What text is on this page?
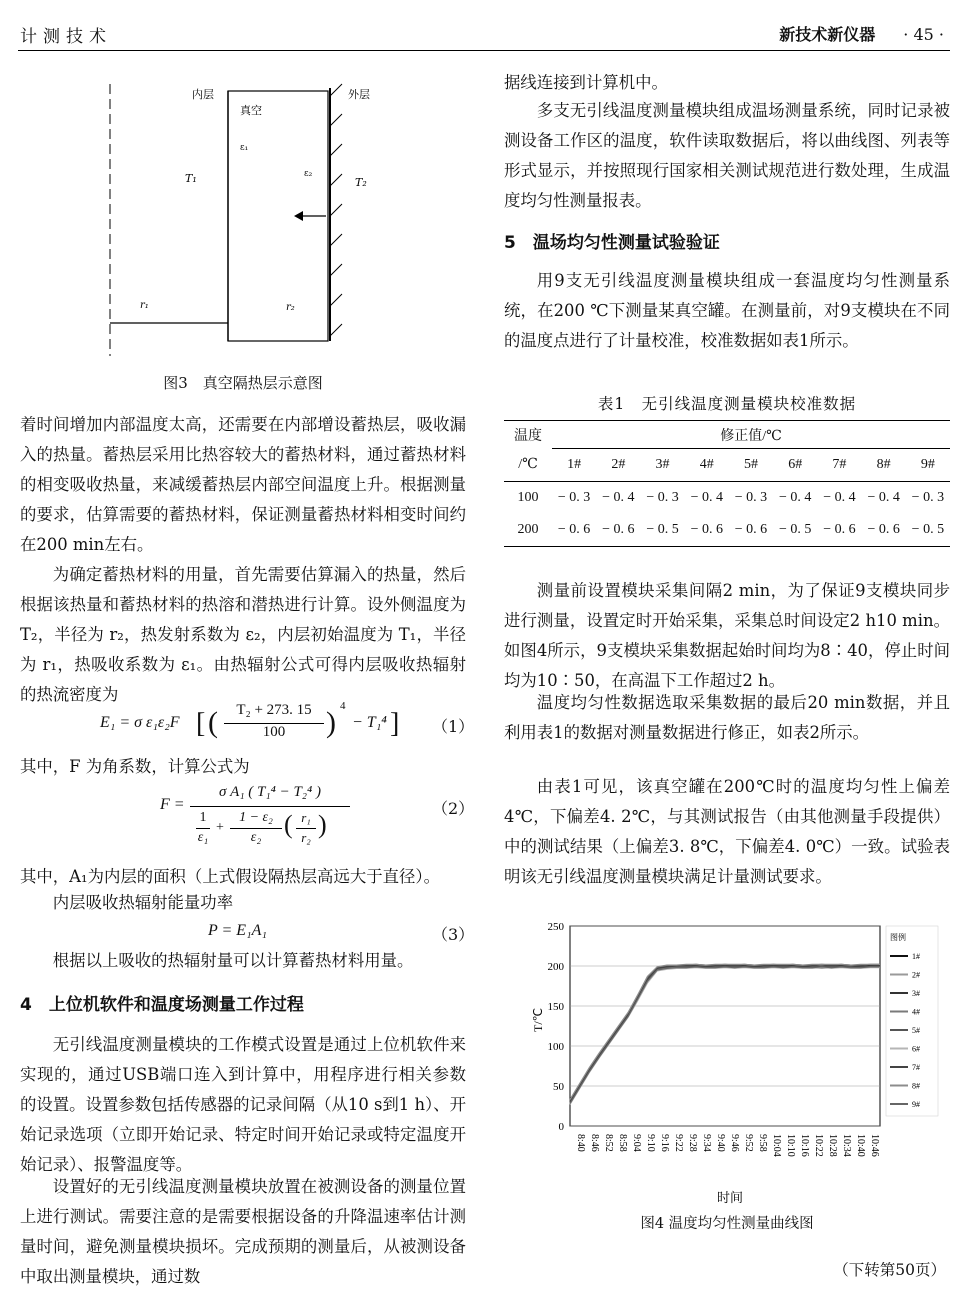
计测技术	新技术新仪器 · 45 ·
内层	外层
真空
ε₁
ε₂
T₁	T₂
r₁	r₂
图3　真空隔热层示意图

着时间增加内部温度太高，还需要在内部增设蓄热层，吸收漏入的热量。蓄热层采用比热容较大的蓄热材料，通过蓄热材料的相变吸收热量，来减缓蓄热层内部空间温度上升。根据测量的要求，估算需要的蓄热材料，保证测量蓄热材料相变时间约在200 min左右。

为确定蓄热材料的用量，首先需要估算漏入的热量，然后根据该热量和蓄热材料的热溶和潜热进行计算。设外侧温度为 T₂，半径为 r₂，热发射系数为 ε₂，内层初始温度为 T₁，半径为 r₁，热吸收系数为 ε₁。由热辐射公式可得内层吸收热辐射的热流密度为

E₁ = σ ε₁ε₂F [ (	T₂ + 273. 15
100	) 4
− T₁⁴ ] （1）

其中，F 为角系数，计算公式为

F =
σ A₁ ( T₁⁴ − T₂⁴ )
1
ε₁
+
1 − ε₂
ε₂ ( r₁
r₂ )
（2）

其中，A₁为内层的面积（上式假设隔热层高远大于直径）。

内层吸收热辐射能量功率

P = E₁A₁	（3）

根据以上吸收的热辐射量可以计算蓄热材料用量。

4　上位机软件和温度场测量工作过程

无引线温度测量模块的工作模式设置是通过上位机软件来实现的，通过USB端口连入到计算中，用程序进行相关参数的设置。设置参数包括传感器的记录间隔（从10 s到1 h）、开始记录选项（立即开始记录、特定时间开始记录或特定温度开始记录）、报警温度等。

设置好的无引线温度测量模块放置在被测设备的测量位置上进行测试。需要注意的是需要根据设备的升降温速率估计测量时间，避免测量模块损坏。完成预期的测量后，从被测设备中取出测量模块，通过数

据线连接到计算机中。

多支无引线温度测量模块组成温场测量系统，同时记录被测设备工作区的温度，软件读取数据后，将以曲线图、列表等形式显示，并按照现行国家相关测试规范进行数处理，生成温度均匀性测量报表。

5　温场均匀性测量试验验证

用9支无引线温度测量模块组成一套温度均匀性测量系统，在200 ℃下测量某真空罐。在测量前，对9支模块在不同的温度点进行了计量校准，校准数据如表1所示。

表1　无引线温度测量模块校准数据
温度
/℃	修正值/℃								
	1#	2#	3#	4#	5#	6#	7#	8#	9#

100	− 0. 3	− 0. 4	− 0. 3	− 0. 4	− 0. 3	− 0. 4	− 0. 4	− 0. 4	− 0. 3
200	− 0. 6	− 0. 6	− 0. 5	− 0. 6	− 0. 6	− 0. 5	− 0. 6	− 0. 6	− 0. 5

测量前设置模块采集间隔2 min，为了保证9支模块同步进行测量，设置定时开始采集，采集总时间设定2 h10 min。如图4所示，9支模块采集数据起始时间均为8∶40，停止时间均为10∶50，在高温下工作超过2 h。

温度均匀性数据选取采集数据的最后20 min数据，并且利用表1的数据对测量数据进行修正，如表2所示。

由表1可见，该真空罐在200℃时的温度均匀性上偏差4℃，下偏差4. 2℃，与其测试报告（由其他测量手段提供）中的测试结果（上偏差3. 8℃，下偏差4. 0℃）一致。试验表明该无引线温度测量模块满足计量测试要求。

0
50
100
150
200
250
8:40 8:46 8:52 8:58 9:04 9:10 9:16 9:22 9:28 9:34 9:40 9:46 9:52 9:58 10:04 10:10 10:16 10:22 10:28 10:34 10:40 10:46
时间
T/℃
图例
1#
2#
3#
4#
5#
6#
7#
8#
9#
图4 温度均匀性测量曲线图
（下转第50页）
